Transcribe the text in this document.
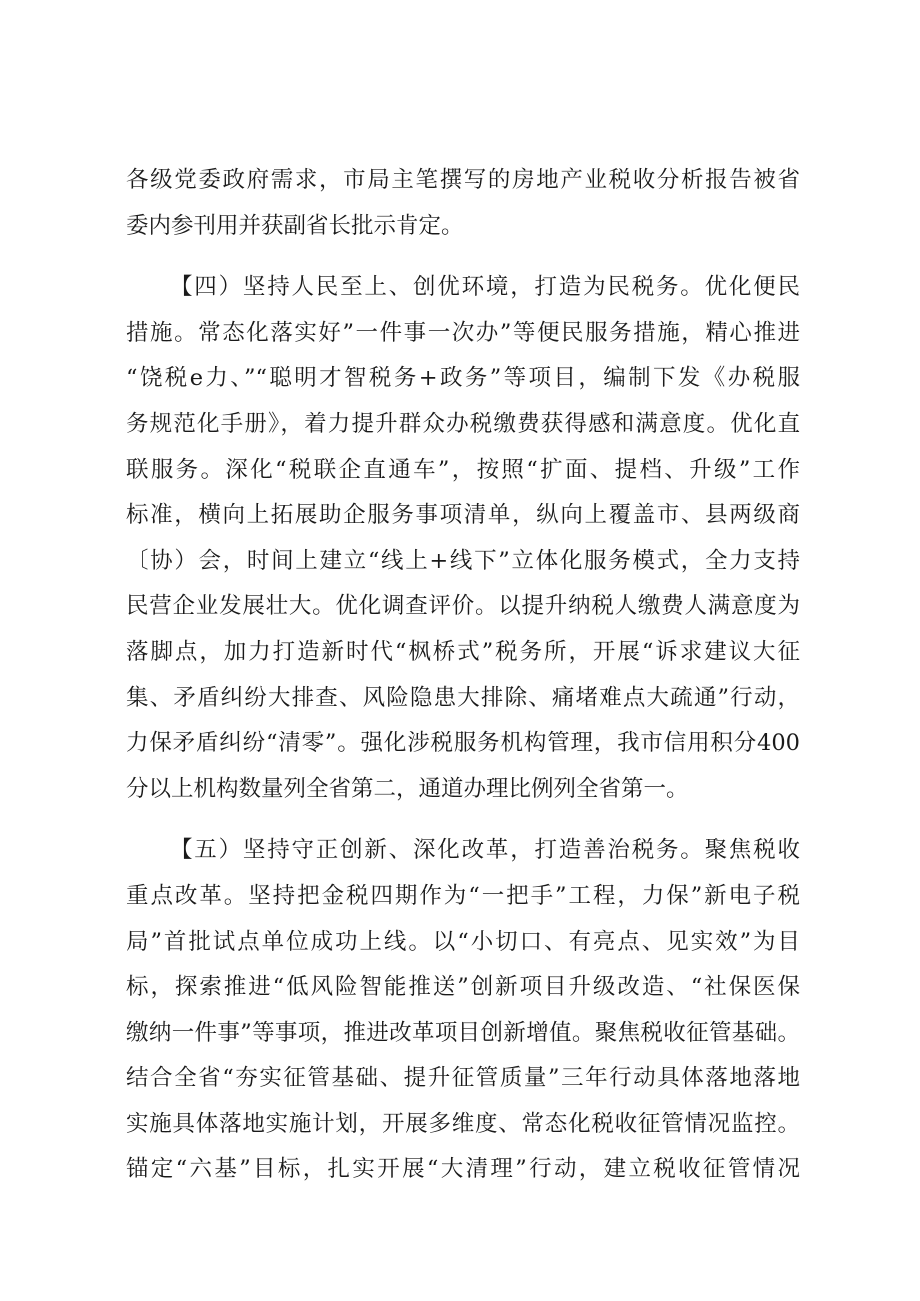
各级党委政府需求，市局主笔撰写的房地产业税收分析报告被省
委内参刊用并获副省长批示肯定。
【四）坚持人民至上、创优环境，打造为民税务。优化便民
措施。常态化落实好”一件事一次办”等便民服务措施，精心推进
“饶税e力、”“聪明才智税务+政务”等项目，编制下发《办税服
务规范化手册》，着力提升群众办税缴费获得感和满意度。优化直
联服务。深化“税联企直通车”，按照“扩面、提档、升级”工作
标准，横向上拓展助企服务事项清单，纵向上覆盖市、县两级商
〔协）会，时间上建立“线上+线下”立体化服务模式，全力支持
民营企业发展壮大。优化调查评价。以提升纳税人缴费人满意度为
落脚点，加力打造新时代“枫桥式”税务所，开展“诉求建议大征
集、矛盾纠纷大排查、风险隐患大排除、痛堵难点大疏通”行动，
力保矛盾纠纷“清零”。强化涉税服务机构管理，我市信用积分400
分以上机构数量列全省第二，通道办理比例列全省第一。
【五）坚持守正创新、深化改革，打造善治税务。聚焦税收
重点改革。坚持把金税四期作为“一把手”工程，力保”新电子税
局”首批试点单位成功上线。以“小切口、有亮点、见实效”为目
标，探索推进“低风险智能推送”创新项目升级改造、“社保医保
缴纳一件事”等事项，推进改革项目创新增值。聚焦税收征管基础。
结合全省“夯实征管基础、提升征管质量”三年行动具体落地落地
实施具体落地实施计划，开展多维度、常态化税收征管情况监控。
锚定“六基”目标，扎实开展“大清理”行动，建立税收征管情况
